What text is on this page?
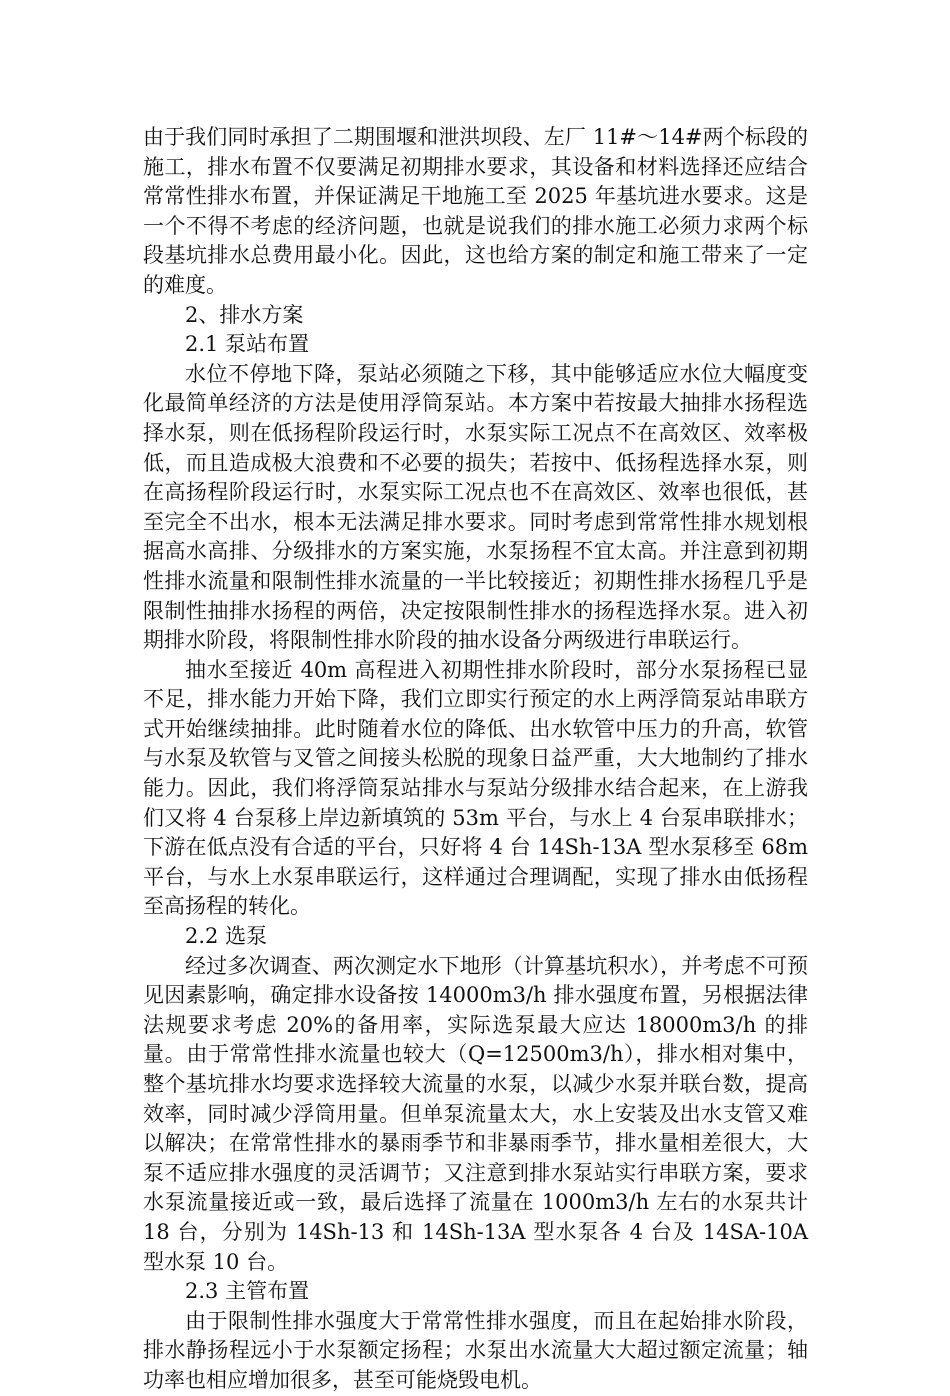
由于我们同时承担了二期围堰和泄洪坝段、左厂 11#～14#两个标段的施工，排水布置不仅要满足初期排水要求，其设备和材料选择还应结合常常性排水布置，并保证满足干地施工至 2025 年基坑进水要求。这是一个不得不考虑的经济问题，也就是说我们的排水施工必须力求两个标段基坑排水总费用最小化。因此，这也给方案的制定和施工带来了一定的难度。

2、排水方案

2.1 泵站布置

水位不停地下降，泵站必须随之下移，其中能够适应水位大幅度变化最简单经济的方法是使用浮筒泵站。本方案中若按最大抽排水扬程选择水泵，则在低扬程阶段运行时，水泵实际工况点不在高效区、效率极低，而且造成极大浪费和不必要的损失；若按中、低扬程选择水泵，则在高扬程阶段运行时，水泵实际工况点也不在高效区、效率也很低，甚至完全不出水，根本无法满足排水要求。同时考虑到常常性排水规划根据高水高排、分级排水的方案实施，水泵扬程不宜太高。并注意到初期性排水流量和限制性排水流量的一半比较接近；初期性排水扬程几乎是限制性抽排水扬程的两倍，决定按限制性排水的扬程选择水泵。进入初期排水阶段，将限制性排水阶段的抽水设备分两级进行串联运行。

抽水至接近 40m 高程进入初期性排水阶段时，部分水泵扬程已显不足，排水能力开始下降，我们立即实行预定的水上两浮筒泵站串联方式开始继续抽排。此时随着水位的降低、出水软管中压力的升高，软管与水泵及软管与叉管之间接头松脱的现象日益严重，大大地制约了排水能力。因此，我们将浮筒泵站排水与泵站分级排水结合起来，在上游我们又将 4 台泵移上岸边新填筑的 53m 平台，与水上 4 台泵串联排水；下游在低点没有合适的平台，只好将 4 台 14Sh-13A 型水泵移至 68m 平台，与水上水泵串联运行，这样通过合理调配，实现了排水由低扬程至高扬程的转化。

2.2 选泵

经过多次调查、两次测定水下地形（计算基坑积水），并考虑不可预见因素影响，确定排水设备按 14000m3/h 排水强度布置，另根据法律法规要求考虑 20%的备用率，实际选泵最大应达 18000m3/h 的排量。由于常常性排水流量也较大（Q=12500m3/h），排水相对集中，整个基坑排水均要求选择较大流量的水泵，以减少水泵并联台数，提高效率，同时减少浮筒用量。但单泵流量太大，水上安装及出水支管又难以解决；在常常性排水的暴雨季节和非暴雨季节，排水量相差很大，大泵不适应排水强度的灵活调节；又注意到排水泵站实行串联方案，要求水泵流量接近或一致，最后选择了流量在 1000m3/h 左右的水泵共计 18 台，分别为 14Sh-13 和 14Sh-13A 型水泵各 4 台及 14SA-10A 型水泵 10 台。

2.3 主管布置

由于限制性排水强度大于常常性排水强度，而且在起始排水阶段，排水静扬程远小于水泵额定扬程；水泵出水流量大大超过额定流量；轴功率也相应增加很多，甚至可能烧毁电机。
